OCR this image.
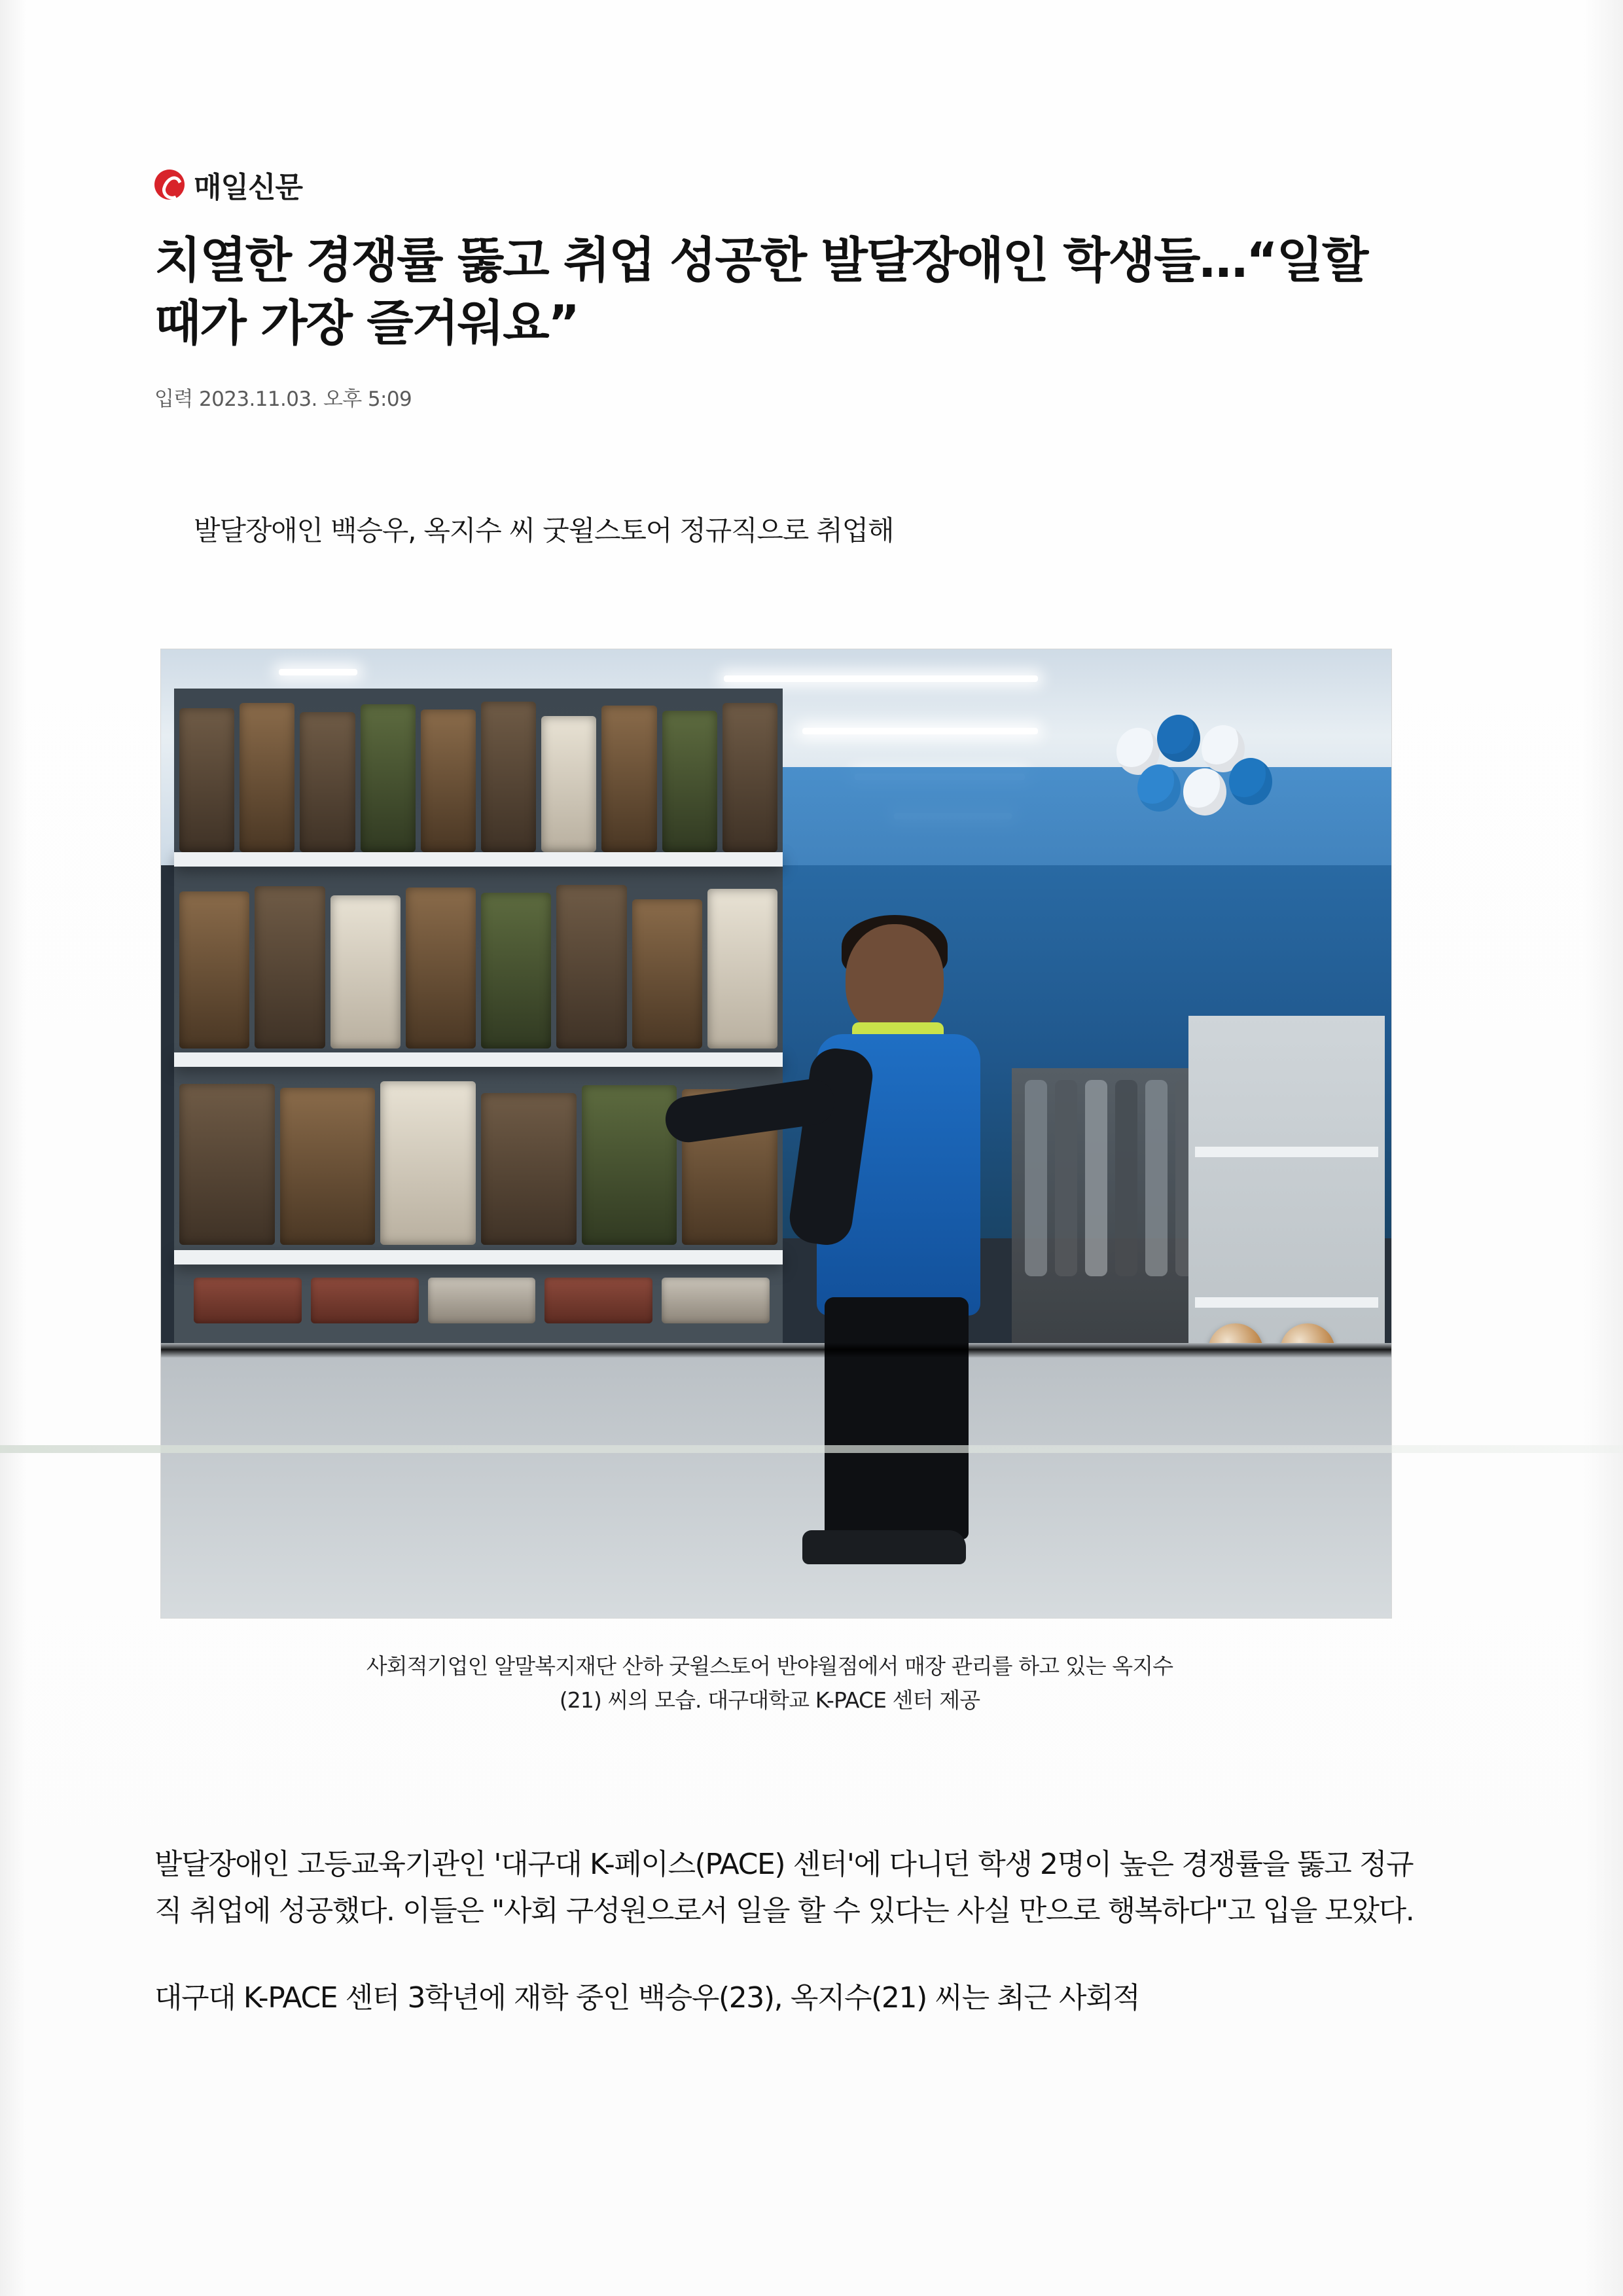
매일신문
치열한 경쟁률 뚫고 취업 성공한 발달장애인 학생들…“일할 때가 가장 즐거워요”
입력 2023.11.03. 오후 5:09

발달장애인 백승우, 옥지수 씨 굿윌스토어 정규직으로 취업해

사회적기업인 알말복지재단 산하 굿윌스토어 반야월점에서 매장 관리를 하고 있는 옥지수
(21) 씨의 모습. 대구대학교 K-PACE 센터 제공

발달장애인 고등교육기관인 '대구대 K-페이스(PACE) 센터'에 다니던 학생 2명이 높은 경쟁률을 뚫고 정규직 취업에 성공했다. 이들은 "사회 구성원으로서 일을 할 수 있다는 사실 만으로 행복하다"고 입을 모았다.

대구대 K-PACE 센터 3학년에 재학 중인 백승우(23), 옥지수(21) 씨는 최근 사회적
